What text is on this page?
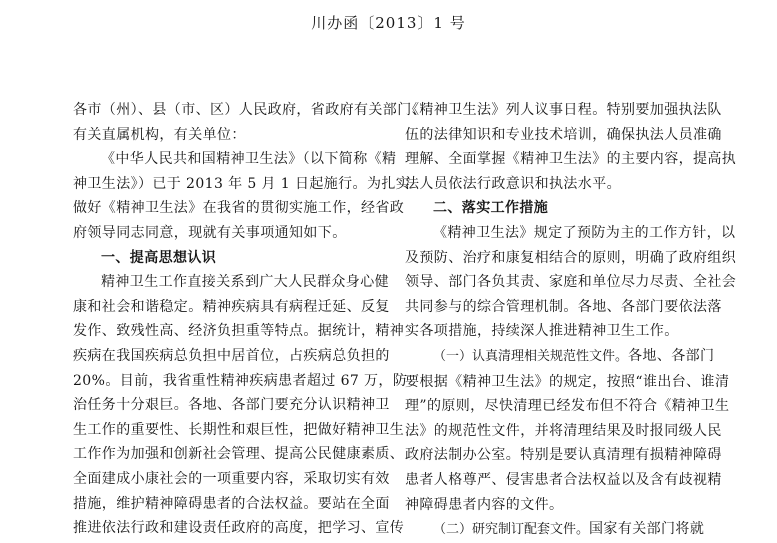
川办函〔2013〕1 号

各市（州）、县（市、区）人民政府，省政府有关部门、

有关直属机构，有关单位：

《中华人民共和国精神卫生法》（以下简称《精

神卫生法》）已于 2013 年 5 月 1 日起施行。为扎实

做好《精神卫生法》在我省的贯彻实施工作，经省政

府领导同志同意，现就有关事项通知如下。

一、提高思想认识

精神卫生工作直接关系到广大人民群众身心健

康和社会和谐稳定。精神疾病具有病程迁延、反复

发作、致残性高、经济负担重等特点。据统计，精神

疾病在我国疾病总负担中居首位，占疾病总负担的

20%。目前，我省重性精神疾病患者超过 67 万，防

治任务十分艰巨。各地、各部门要充分认识精神卫

生工作的重要性、长期性和艰巨性，把做好精神卫生

工作作为加强和创新社会管理、提高公民健康素质、

全面建成小康社会的一项重要内容，采取切实有效

措施，维护精神障碍患者的合法权益。要站在全面

推进依法行政和建设责任政府的高度，把学习、宣传

《精神卫生法》列人议事日程。特别要加强执法队

伍的法律知识和专业技术培训，确保执法人员准确

理解、全面掌握《精神卫生法》的主要内容，提高执

法人员依法行政意识和执法水平。

二、落实工作措施

《精神卫生法》规定了预防为主的工作方针，以

及预防、治疗和康复相结合的原则，明确了政府组织

领导、部门各负其责、家庭和单位尽力尽责、全社会

共同参与的综合管理机制。各地、各部门要依法落

实各项措施，持续深人推进精神卫生工作。

（一）认真清理相关规范性文件。各地、各部门

要根据《精神卫生法》的规定，按照“谁出台、谁清

理”的原则，尽快清理已经发布但不符合《精神卫生

法》的规范性文件，并将清理结果及时报同级人民

政府法制办公室。特别是要认真清理有损精神障碍

患者人格尊严、侵害患者合法权益以及含有歧视精

神障碍患者内容的文件。

（二）研究制订配套文件。国家有关部门将就
